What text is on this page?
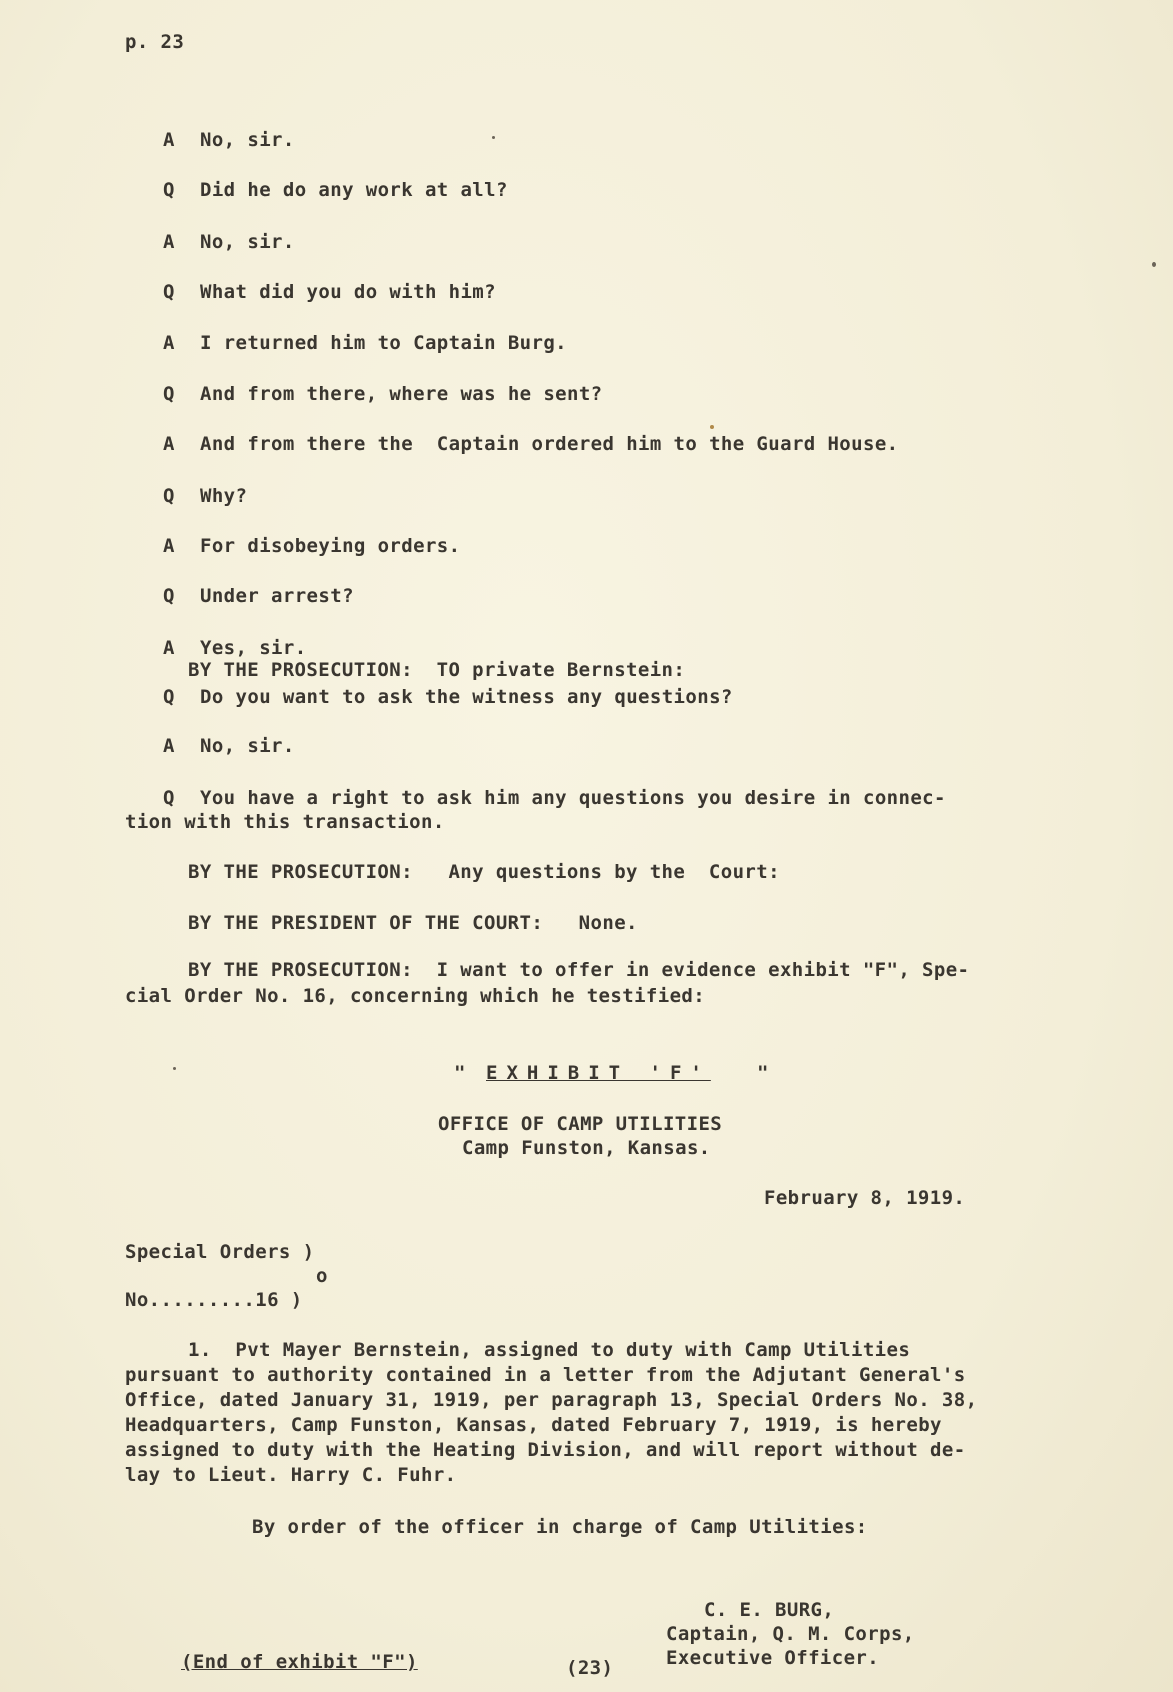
p. 23
A No, sir.
Q Did he do any work at all?
A No, sir.
Q What did you do with him?
A I returned him to Captain Burg.
Q And from there, where was he sent?
A And from there the  Captain ordered him to the Guard House.
Q Why?
A For disobeying orders.
Q Under arrest?
A Yes, sir.
BY THE PROSECUTION:  TO private Bernstein:
Q Do you want to ask the witness any questions?
A No, sir.
Q You have a right to ask him any questions you desire in connec-
tion with this transaction.
BY THE PROSECUTION:   Any questions by the  Court:
BY THE PRESIDENT OF THE COURT:   None.
BY THE PROSECUTION:  I want to offer in evidence exhibit "F", Spe-
cial Order No. 16, concerning which he testified:
" EXHIBIT 'F' "
OFFICE OF CAMP UTILITIES
Camp Funston, Kansas.
February 8, 1919.
Special Orders )
o
No.........16 )
1.  Pvt Mayer Bernstein, assigned to duty with Camp Utilities
pursuant to authority contained in a letter from the Adjutant General's
Office, dated January 31, 1919, per paragraph 13, Special Orders No. 38,
Headquarters, Camp Funston, Kansas, dated February 7, 1919, is hereby
assigned to duty with the Heating Division, and will report without de-
lay to Lieut. Harry C. Fuhr.
By order of the officer in charge of Camp Utilities:
C. E. BURG,
Captain, Q. M. Corps,
Executive Officer.
(End of exhibit "F")	(23)
